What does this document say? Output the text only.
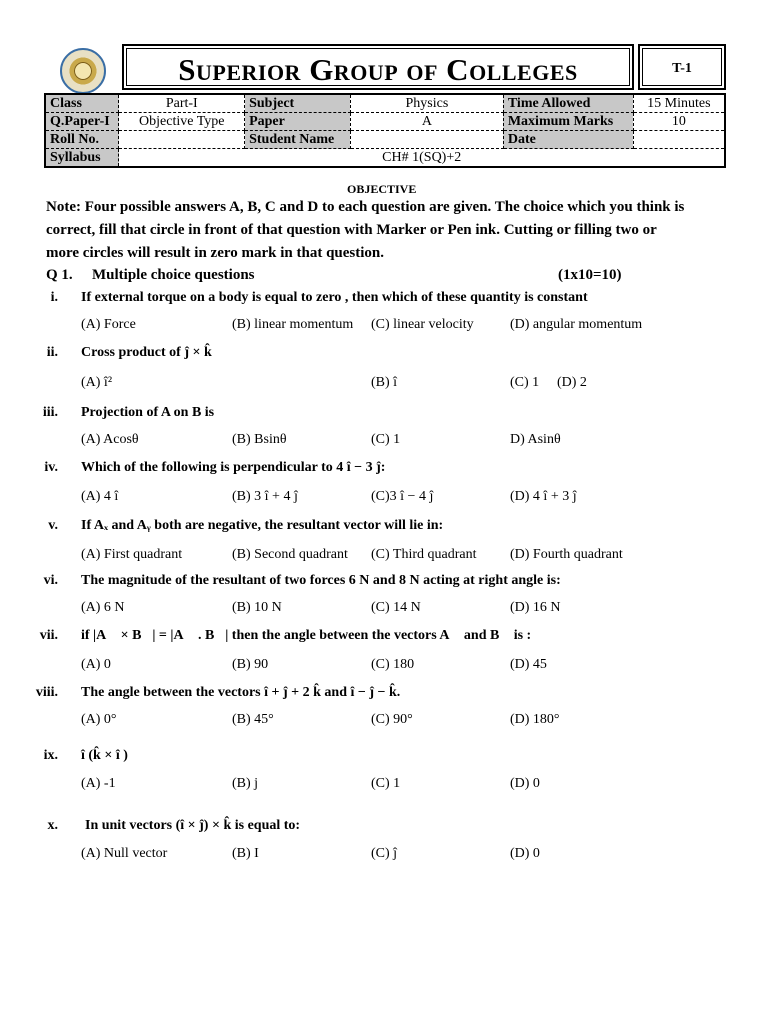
Superior Group of Colleges	T-1
Class	Part-I	Subject	Physics	Time Allowed	15 Minutes
Q.Paper-I	Objective Type	Paper	A	Maximum Marks	10
Roll No.		Student Name		Date	
Syllabus	CH# 1(SQ)+2				
OBJECTIVE
Note: Four possible answers A, B, C and D to each question are given. The choice which you think is correct, fill that circle in front of that question with Marker or Pen ink. Cutting or filling two or more circles will result in zero mark in that question.
Q 1. Multiple choice questions	(1x10=10)
i. If external torque on a body is equal to zero , then which of these quantity is constant
(A) Force	(B) linear momentum (C) linear velocity	(D) angular momentum
ii. Cross product of ĵ × k̂
(A) î²	(B) î	(C) 1 (D) 2
iii. Projection of A on B is
(A) Acosθ	(B) Bsinθ	(C) 1	D) Asinθ
iv. Which of the following is perpendicular to 4 î − 3 ĵ:
(A) 4 î	(B) 3 î + 4 ĵ	(C)3 î − 4 ĵ	(D) 4 î + 3 ĵ
v. If Aₓ and Aᵧ both are negative, the resultant vector will lie in:
(A) First quadrant	(B) Second quadrant (C) Third quadrant (D) Fourth quadrant
vi. The magnitude of the resultant of two forces 6 N and 8 N acting at right angle is:
(A) 6 N	(B) 10 N	(C) 14 N	(D) 16 N
vii. if |A⃗ × B⃗| = |A⃗ . B⃗| then the angle between the vectors A⃗ and B⃗ is :
(A) 0	(B) 90	(C) 180	(D) 45
viii. The angle between the vectors î + ĵ + 2 k̂ and î − ĵ − k̂.
(A) 0°	(B) 45°	(C) 90°	(D) 180°
ix. î (k̂ × î )
(A) -1	(B) j	(C) 1	(D) 0
x. In unit vectors (î × ĵ) × k̂ is equal to:
(A) Null vector	(B) I	(C) ĵ	(D) 0
